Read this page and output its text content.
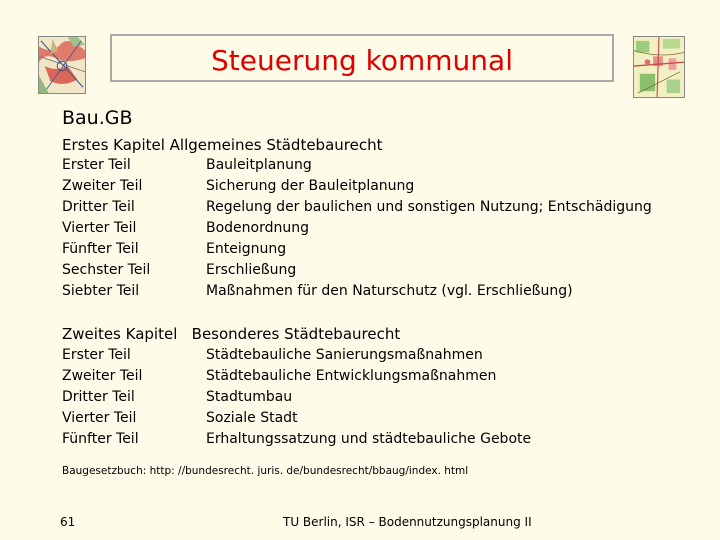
Steuerung kommunal
Bau.GB
Erstes Kapitel Allgemeines Städtebaurecht
Erster Teil	Bauleitplanung
Zweiter Teil	Sicherung der Bauleitplanung
Dritter Teil	Regelung der baulichen und sonstigen Nutzung; Entschädigung
Vierter Teil	Bodenordnung
Fünfter Teil	Enteignung
Sechster Teil	Erschließung
Siebter Teil	Maßnahmen für den Naturschutz (vgl. Erschließung)
Zweites Kapitel   Besonderes Städtebaurecht
Erster Teil	Städtebauliche Sanierungsmaßnahmen
Zweiter Teil	Städtebauliche Entwicklungsmaßnahmen
Dritter Teil	Stadtumbau
Vierter Teil	Soziale Stadt
Fünfter Teil	Erhaltungssatzung und städtebauliche Gebote
Baugesetzbuch: http: //bundesrecht. juris. de/bundesrecht/bbaug/index. html
61	TU Berlin, ISR – Bodennutzungsplanung II
